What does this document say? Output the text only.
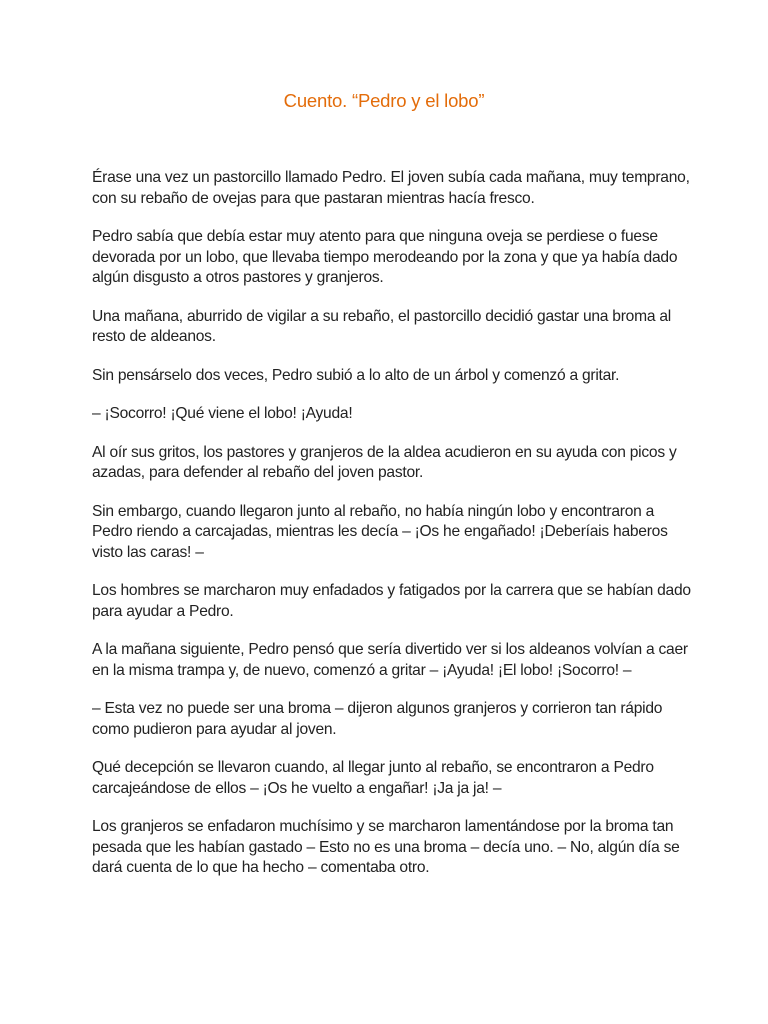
Cuento. “Pedro y el lobo”

Érase una vez un pastorcillo llamado Pedro. El joven subía cada mañana, muy temprano, con su rebaño de ovejas para que pastaran mientras hacía fresco.

Pedro sabía que debía estar muy atento para que ninguna oveja se perdiese o fuese devorada por un lobo, que llevaba tiempo merodeando por la zona y que ya había dado algún disgusto a otros pastores y granjeros.

Una mañana, aburrido de vigilar a su rebaño, el pastorcillo decidió gastar una broma al resto de aldeanos.

Sin pensárselo dos veces, Pedro subió a lo alto de un árbol y comenzó a gritar.

– ¡Socorro! ¡Qué viene el lobo! ¡Ayuda!

Al oír sus gritos, los pastores y granjeros de la aldea acudieron en su ayuda con picos y azadas, para defender al rebaño del joven pastor.

Sin embargo, cuando llegaron junto al rebaño, no había ningún lobo y encontraron a Pedro riendo a carcajadas, mientras les decía – ¡Os he engañado! ¡Deberíais haberos visto las caras! –

Los hombres se marcharon muy enfadados y fatigados por la carrera que se habían dado para ayudar a Pedro.

A la mañana siguiente, Pedro pensó que sería divertido ver si los aldeanos volvían a caer en la misma trampa y, de nuevo, comenzó a gritar – ¡Ayuda! ¡El lobo! ¡Socorro! –

– Esta vez no puede ser una broma – dijeron algunos granjeros y corrieron tan rápido como pudieron para ayudar al joven.

Qué decepción se llevaron cuando, al llegar junto al rebaño, se encontraron a Pedro carcajeándose de ellos – ¡Os he vuelto a engañar! ¡Ja ja ja! –

Los granjeros se enfadaron muchísimo y se marcharon lamentándose por la broma tan pesada que les habían gastado – Esto no es una broma – decía uno. – No, algún día se dará cuenta de lo que ha hecho – comentaba otro.
